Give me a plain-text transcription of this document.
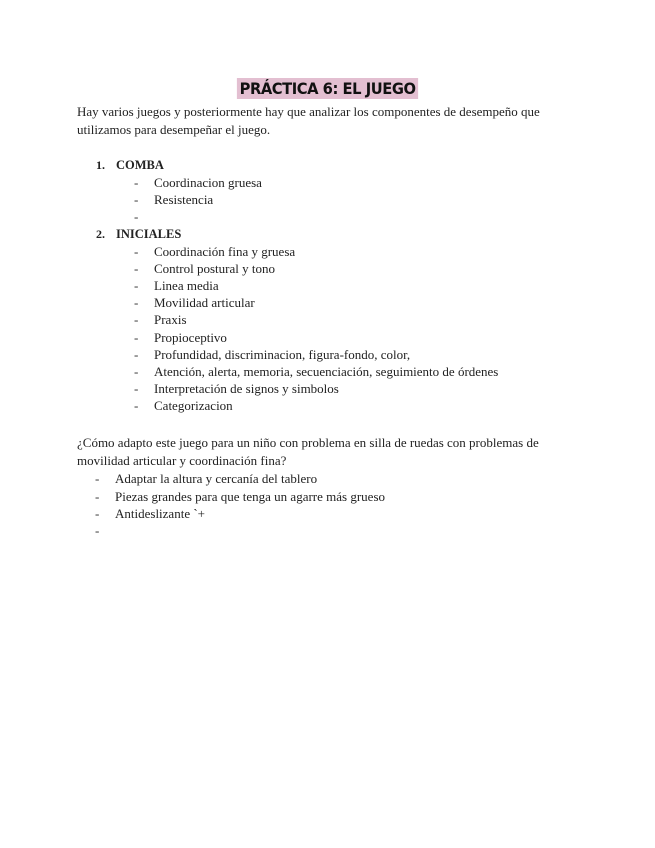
PRÁCTICA 6: EL JUEGO

Hay varios juegos y posteriormente hay que analizar los componentes de desempeño que utilizamos para desempeñar el juego.

1. COMBA
-	Coordinacion gruesa
-	Resistencia
-
2. INICIALES
-	Coordinación fina y gruesa
-	Control postural y tono
-	Linea media
-	Movilidad articular
-	Praxis
-	Propioceptivo
-	Profundidad, discriminacion, figura-fondo, color,
-	Atención, alerta, memoria, secuenciación, seguimiento de órdenes
-	Interpretación de signos y simbolos
-	Categorizacion

¿Cómo adapto este juego para un niño con problema en silla de ruedas con problemas de movilidad articular y coordinación fina?

-	Adaptar la altura y cercanía del tablero
-	Piezas grandes para que tenga un agarre más grueso
-	Antideslizante `+
-
